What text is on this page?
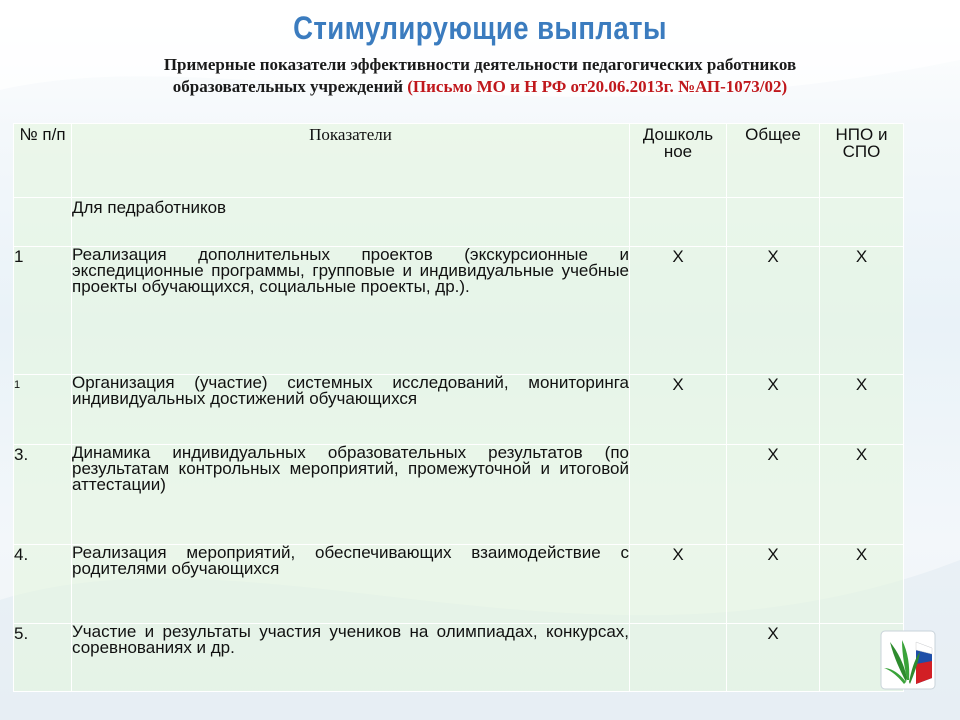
Стимулирующие выплаты
Примерные показатели эффективности деятельности педагогических работников
образовательных учреждений (Письмо МО и Н РФ от20.06.2013г. №АП-1073/02)
№ п/п	Показатели	Дошколь ное	Общее	НПО и СПО
	Для педработников			
1	Реализация дополнительных проектов (экскурсионные и экспедиционные программы, групповые и индивидуальные учебные проекты обучающихся, социальные проекты, др.).	X	X	X
1	Организация (участие) системных исследований, мониторинга индивидуальных достижений обучающихся	X	X	X
3.	Динамика индивидуальных образовательных результатов (по результатам контрольных мероприятий, промежуточной и итоговой аттестации)		X	X
4.	Реализация мероприятий, обеспечивающих взаимодействие с родителями обучающихся	X	X	X
5.	Участие и результаты участия учеников на олимпиадах, конкурсах, соревнованиях и др.		X	
